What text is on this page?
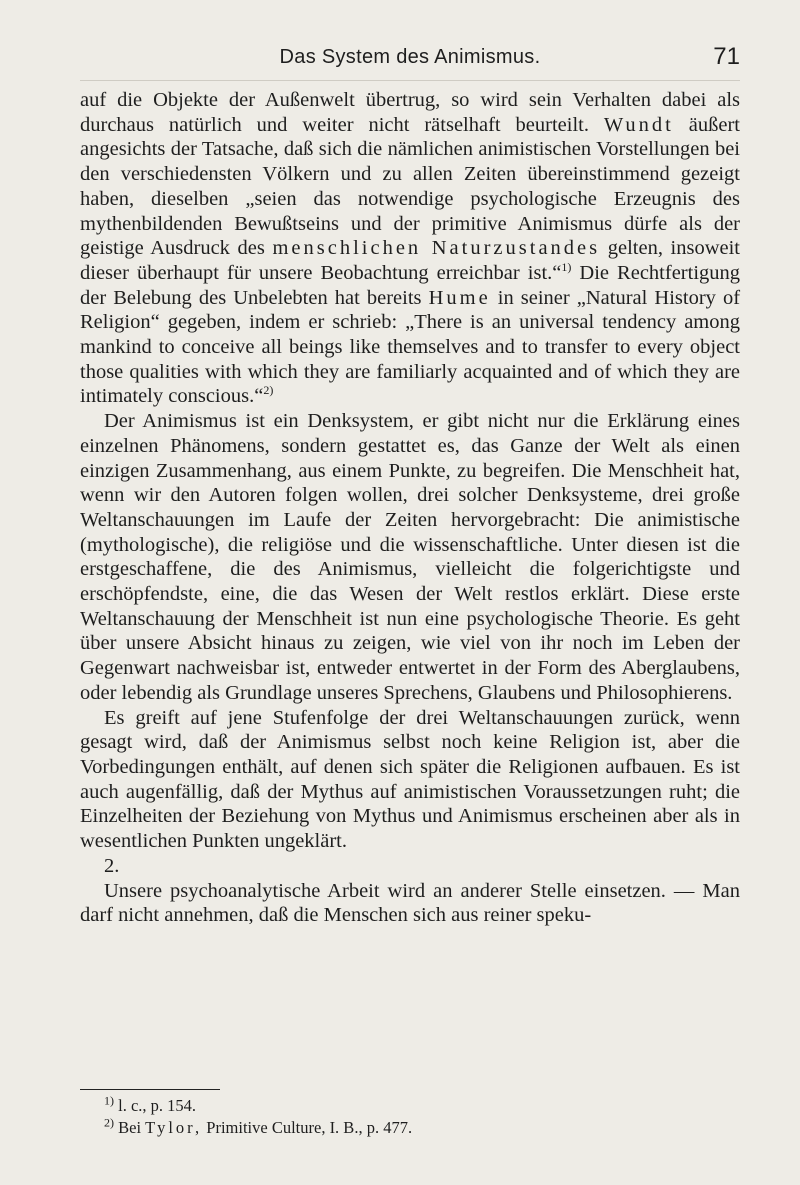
Das System des Animismus.	71

auf die Objekte der Außenwelt übertrug, so wird sein Verhalten dabei als durchaus natürlich und weiter nicht rätselhaft beurteilt. Wundt äußert angesichts der Tatsache, daß sich die nämlichen animistischen Vorstellungen bei den verschiedensten Völkern und zu allen Zeiten übereinstimmend gezeigt haben, dieselben „seien das notwendige psychologische Erzeugnis des mythenbildenden Bewußtseins und der primitive Animismus dürfe als der geistige Ausdruck des menschlichen Naturzustandes gelten, insoweit dieser überhaupt für unsere Beobachtung erreichbar ist.“$^{1)}$ Die Rechtfertigung der Belebung des Unbelebten hat bereits Hume in seiner „Natural History of Religion“ gegeben, indem er schrieb: „There is an universal tendency among mankind to conceive all beings like themselves and to transfer to every object those qualities with which they are familiarly acquainted and of which they are intimately conscious.“$^{2)}$

Der Animismus ist ein Denksystem, er gibt nicht nur die Erklärung eines einzelnen Phänomens, sondern gestattet es, das Ganze der Welt als einen einzigen Zusammenhang, aus einem Punkte, zu begreifen. Die Menschheit hat, wenn wir den Autoren folgen wollen, drei solcher Denksysteme, drei große Weltanschauungen im Laufe der Zeiten hervorgebracht: Die animistische (mythologische), die religiöse und die wissenschaftliche. Unter diesen ist die erstgeschaffene, die des Animismus, vielleicht die folgerichtigste und erschöpfendste, eine, die das Wesen der Welt restlos erklärt. Diese erste Weltanschauung der Menschheit ist nun eine psychologische Theorie. Es geht über unsere Absicht hinaus zu zeigen, wie viel von ihr noch im Leben der Gegenwart nachweisbar ist, entweder entwertet in der Form des Aberglaubens, oder lebendig als Grundlage unseres Sprechens, Glaubens und Philosophierens.

Es greift auf jene Stufenfolge der drei Weltanschauungen zurück, wenn gesagt wird, daß der Animismus selbst noch keine Religion ist, aber die Vorbedingungen enthält, auf denen sich später die Religionen aufbauen. Es ist auch augenfällig, daß der Mythus auf animistischen Voraussetzungen ruht; die Einzelheiten der Beziehung von Mythus und Animismus erscheinen aber als in wesentlichen Punkten ungeklärt.

2.

Unsere psychoanalytische Arbeit wird an anderer Stelle einsetzen. — Man darf nicht annehmen, daß die Menschen sich aus reiner speku-

$^{1)}$ l. c., p. 154.
$^{2)}$ Bei Tylor, Primitive Culture, I. B., p. 477.
